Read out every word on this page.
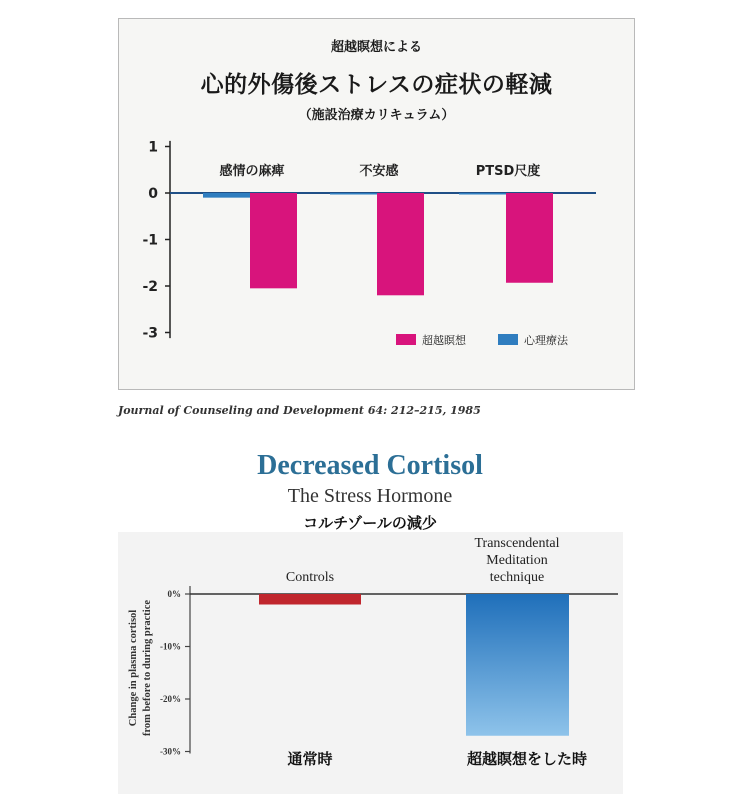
超越瞑想による
心的外傷後ストレスの症状の軽減
（施設治療カリキュラム）
Journal of Counseling and Development 64: 212–215, 1985
Decreased Cortisol
The Stress Hormone
コルチゾールの減少
1
0
-1
-2
-3
感情の麻痺	不安感	PTSD尺度
超越瞑想	心理療法
0%
-10%
-20%
-30%
Change in plasma cortisol from before to during practice
Controls
Transcendental
Meditation
technique
通常時	超越瞑想をした時
